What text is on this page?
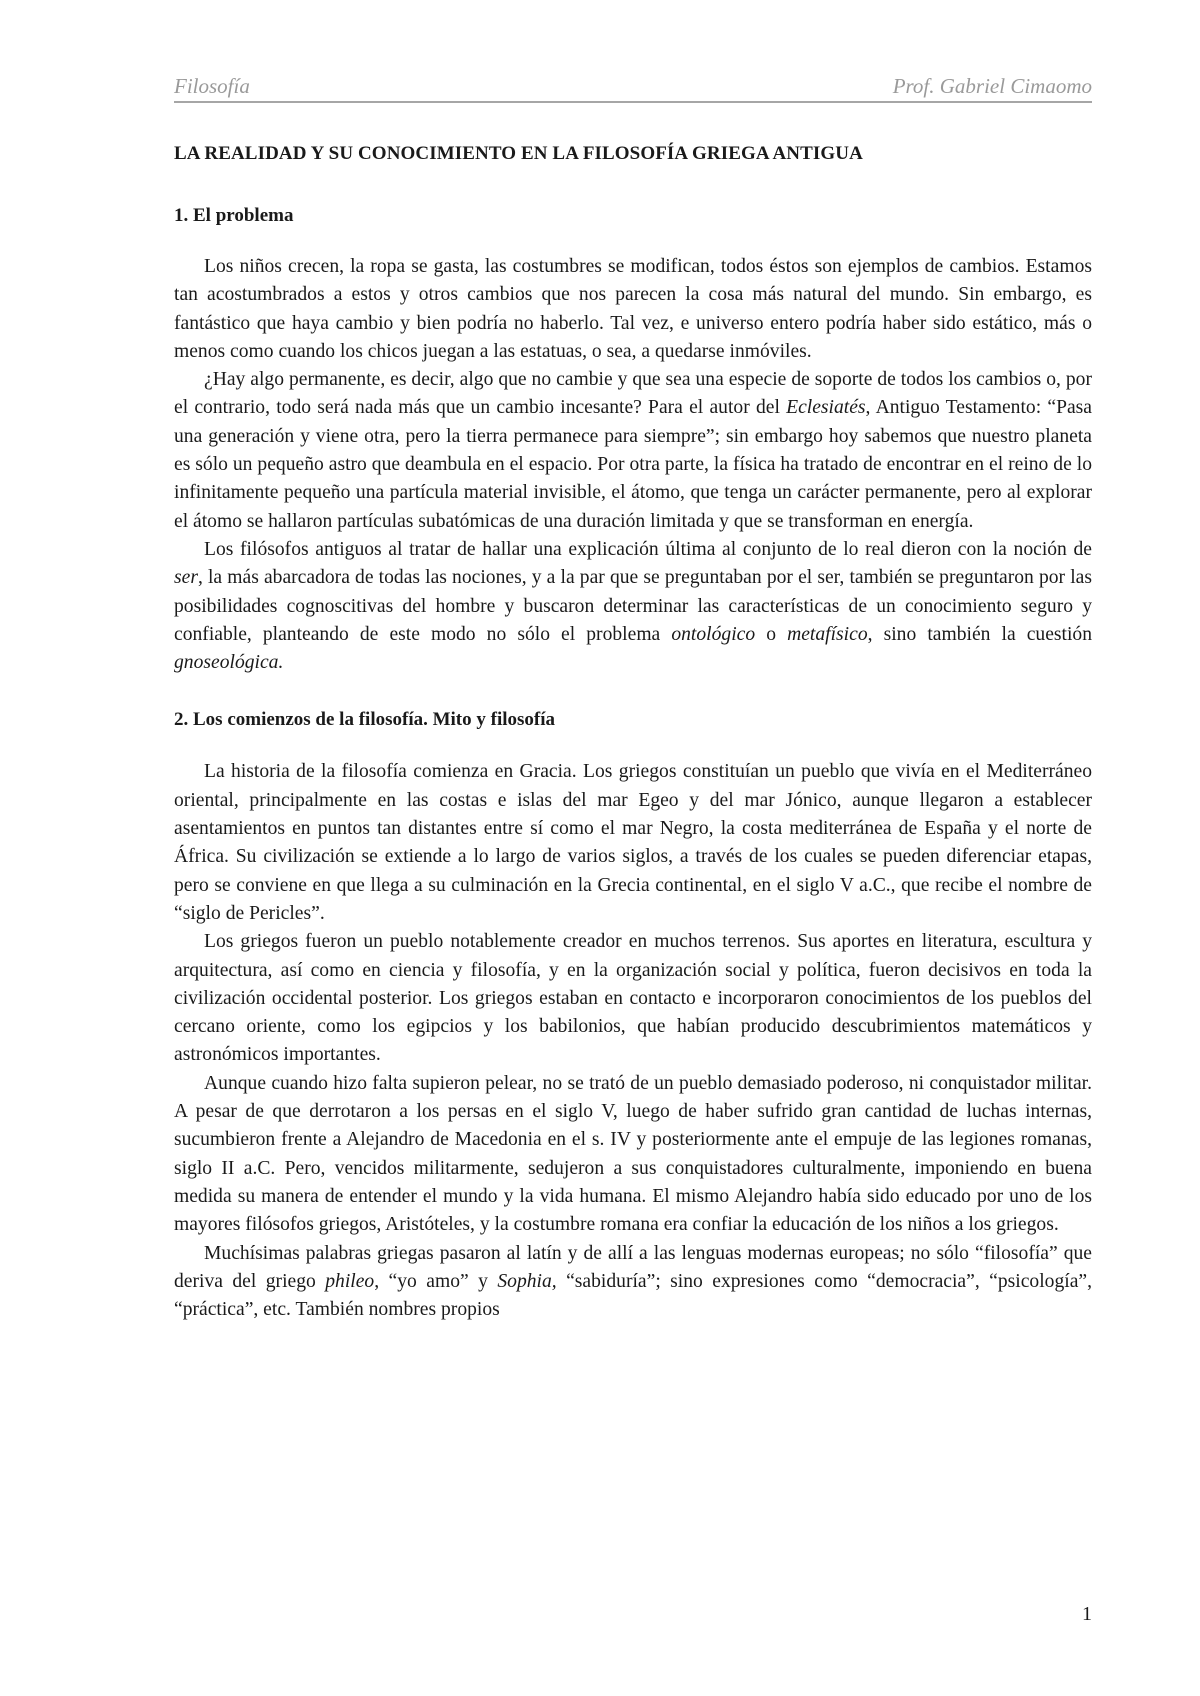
Filosofía	Prof. Gabriel Cimaomo
LA REALIDAD Y SU CONOCIMIENTO EN LA FILOSOFÍA GRIEGA ANTIGUA
1. El problema

Los niños crecen, la ropa se gasta, las costumbres se modifican, todos éstos son ejemplos de cambios. Estamos tan acostumbrados a estos y otros cambios que nos parecen la cosa más natural del mundo. Sin embargo, es fantástico que haya cambio y bien podría no haberlo. Tal vez, e universo entero podría haber sido estático, más o menos como cuando los chicos juegan a las estatuas, o sea, a quedarse inmóviles.

¿Hay algo permanente, es decir, algo que no cambie y que sea una especie de soporte de todos los cambios o, por el contrario, todo será nada más que un cambio incesante? Para el autor del Eclesiatés, Antiguo Testamento: “Pasa una generación y viene otra, pero la tierra permanece para siempre”; sin embargo hoy sabemos que nuestro planeta es sólo un pequeño astro que deambula en el espacio. Por otra parte, la física ha tratado de encontrar en el reino de lo infinitamente pequeño una partícula material invisible, el átomo, que tenga un carácter permanente, pero al explorar el átomo se hallaron partículas subatómicas de una duración limitada y que se transforman en energía.

Los filósofos antiguos al tratar de hallar una explicación última al conjunto de lo real dieron con la noción de ser, la más abarcadora de todas las nociones, y a la par que se preguntaban por el ser, también se preguntaron por las posibilidades cognoscitivas del hombre y buscaron determinar las características de un conocimiento seguro y confiable, planteando de este modo no sólo el problema ontológico o metafísico, sino también la cuestión gnoseológica.

2. Los comienzos de la filosofía. Mito y filosofía

La historia de la filosofía comienza en Gracia. Los griegos constituían un pueblo que vivía en el Mediterráneo oriental, principalmente en las costas e islas del mar Egeo y del mar Jónico, aunque llegaron a establecer asentamientos en puntos tan distantes entre sí como el mar Negro, la costa mediterránea de España y el norte de África. Su civilización se extiende a lo largo de varios siglos, a través de los cuales se pueden diferenciar etapas, pero se conviene en que llega a su culminación en la Grecia continental, en el siglo V a.C., que recibe el nombre de “siglo de Pericles”.

Los griegos fueron un pueblo notablemente creador en muchos terrenos. Sus aportes en literatura, escultura y arquitectura, así como en ciencia y filosofía, y en la organización social y política, fueron decisivos en toda la civilización occidental posterior. Los griegos estaban en contacto e incorporaron conocimientos de los pueblos del cercano oriente, como los egipcios y los babilonios, que habían producido descubrimientos matemáticos y astronómicos importantes.

Aunque cuando hizo falta supieron pelear, no se trató de un pueblo demasiado poderoso, ni conquistador militar. A pesar de que derrotaron a los persas en el siglo V, luego de haber sufrido gran cantidad de luchas internas, sucumbieron frente a Alejandro de Macedonia en el s. IV y posteriormente ante el empuje de las legiones romanas, siglo II a.C. Pero, vencidos militarmente, sedujeron a sus conquistadores culturalmente, imponiendo en buena medida su manera de entender el mundo y la vida humana. El mismo Alejandro había sido educado por uno de los mayores filósofos griegos, Aristóteles, y la costumbre romana era confiar la educación de los niños a los griegos.

Muchísimas palabras griegas pasaron al latín y de allí a las lenguas modernas europeas; no sólo “filosofía” que deriva del griego phileo, “yo amo” y Sophia, “sabiduría”; sino expresiones como “democracia”, “psicología”, “práctica”, etc. También nombres propios

1
